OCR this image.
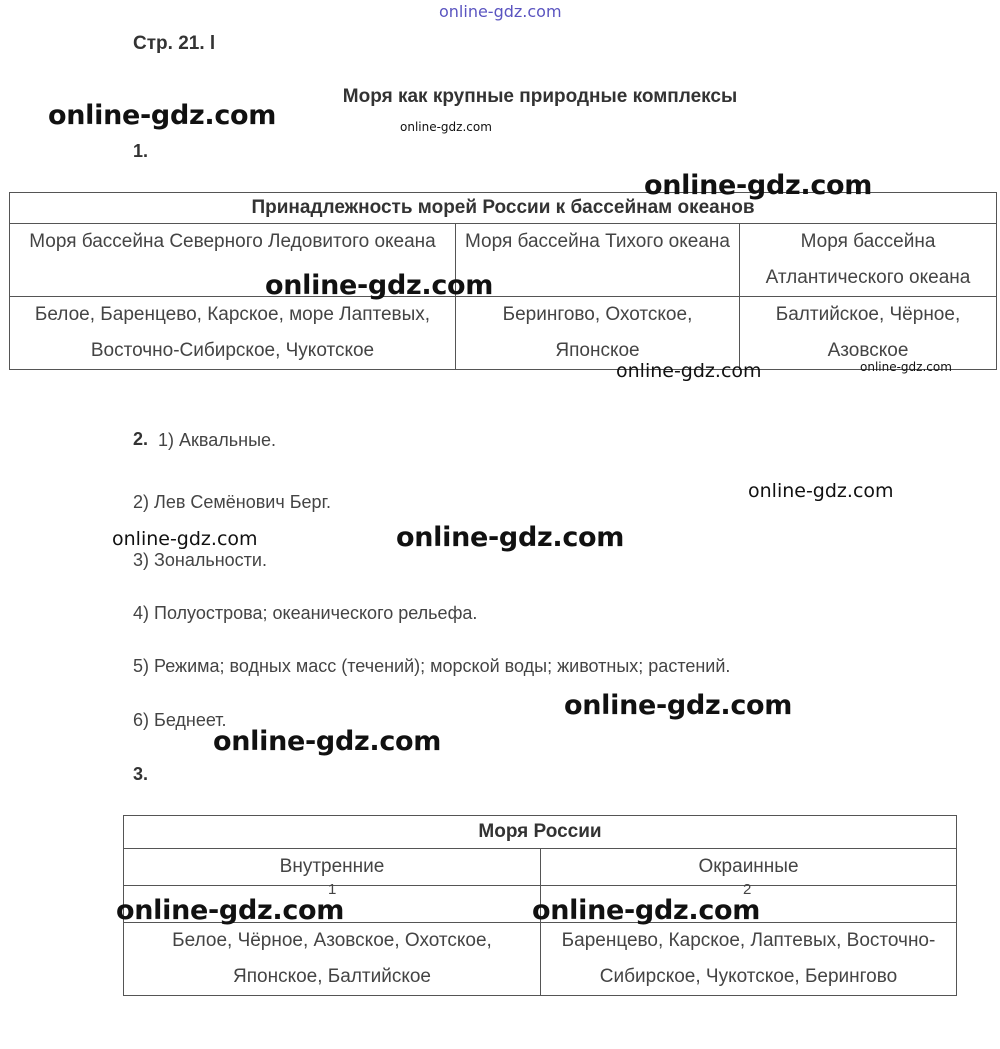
Стр. 21. l
Моря как крупные природные комплексы
1.
Принадлежность морей России к бассейнам океанов		
Моря бассейна Северного Ледовитого океана	Моря бассейна Тихого океана	Моря бассейна Атлантического океана
Белое, Баренцево, Карское, море Лаптевых, Восточно-Сибирское, Чукотское	Берингово, Охотское, Японское	Балтийское, Чёрное, Азовское
2. 1) Аквальные.
2) Лев Семёнович Берг.
3) Зональности.
4) Полуострова; океанического рельефа.
5) Режима; водных масс (течений); морской воды; животных; растений.
6) Беднеет.
3.
Моря России	
Внутренние	Окраинные

1	2

Белое, Чёрное, Азовское, Охотское, Японское, Балтийское	Баренцево, Карское, Лаптевых, Восточно-Сибирское, Чукотское, Берингово
online-gdz.com
online-gdz.com	online-gdz.com
online-gdz.com
online-gdz.com
online-gdz.com	online-gdz.com
online-gdz.com
online-gdz.com	online-gdz.com
online-gdz.com
online-gdz.com
online-gdz.com	online-gdz.com
